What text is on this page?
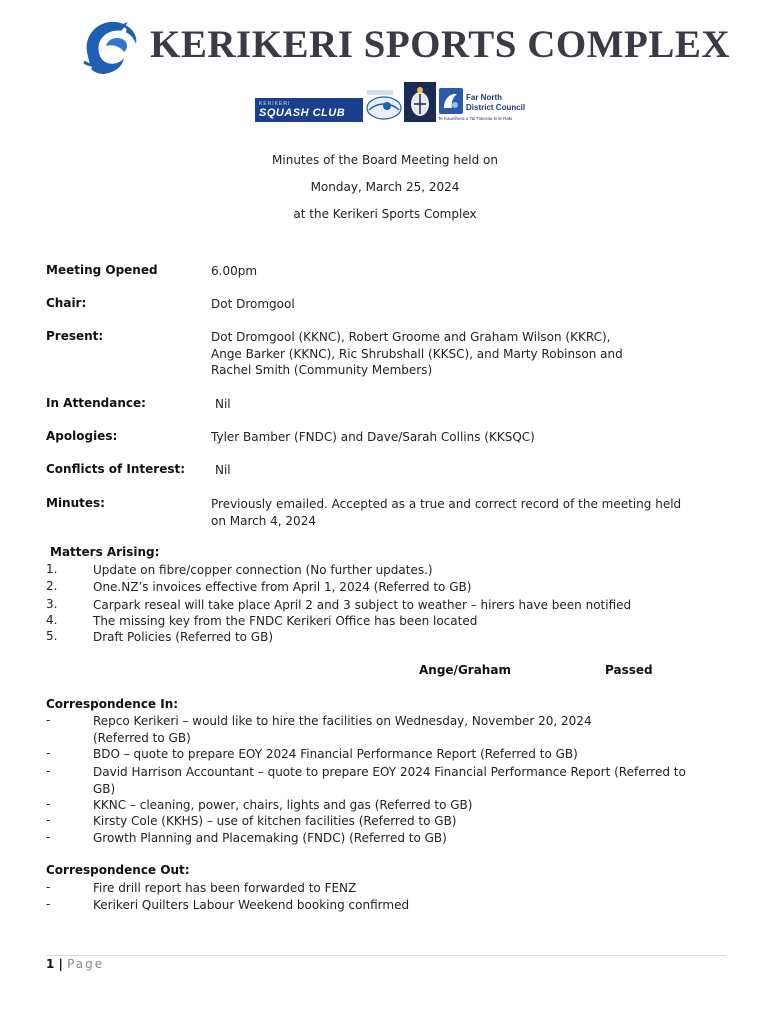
KERIKERI SPORTS COMPLEX
KERIKERI
SQUASH CLUB
Far North
District Council
Te Kaunihera o Tai Tokerau ki te Raki
Minutes of the Board Meeting held on
Monday, March 25, 2024
at the Kerikeri Sports Complex
Meeting Opened	6.00pm
Chair:	Dot Dromgool
Present:	Dot Dromgool (KKNC), Robert Groome and Graham Wilson (KKRC),
Ange Barker (KKNC), Ric Shrubshall (KKSC), and Marty Robinson and
Rachel Smith (Community Members)
In Attendance:	Nil
Apologies:	Tyler Bamber (FNDC) and Dave/Sarah Collins (KKSQC)
Conflicts of Interest: Nil
Minutes:	Previously emailed. Accepted as a true and correct record of the meeting held
on March 4, 2024
Matters Arising:
1.	Update on fibre/copper connection (No further updates.)
2.	One.NZ’s invoices effective from April 1, 2024 (Referred to GB)
3.	Carpark reseal will take place April 2 and 3 subject to weather – hirers have been notified
4.	The missing key from the FNDC Kerikeri Office has been located
5.	Draft Policies (Referred to GB)
Ange/Graham	Passed
Correspondence In:
-	Repco Kerikeri – would like to hire the facilities on Wednesday, November 20, 2024
(Referred to GB)
-	BDO – quote to prepare EOY 2024 Financial Performance Report (Referred to GB)
-	David Harrison Accountant – quote to prepare EOY 2024 Financial Performance Report (Referred to
GB)
-	KKNC – cleaning, power, chairs, lights and gas (Referred to GB)
-	Kirsty Cole (KKHS) – use of kitchen facilities (Referred to GB)
-	Growth Planning and Placemaking (FNDC) (Referred to GB)
Correspondence Out:
-	Fire drill report has been forwarded to FENZ
-	Kerikeri Quilters Labour Weekend booking confirmed
1 | Page
